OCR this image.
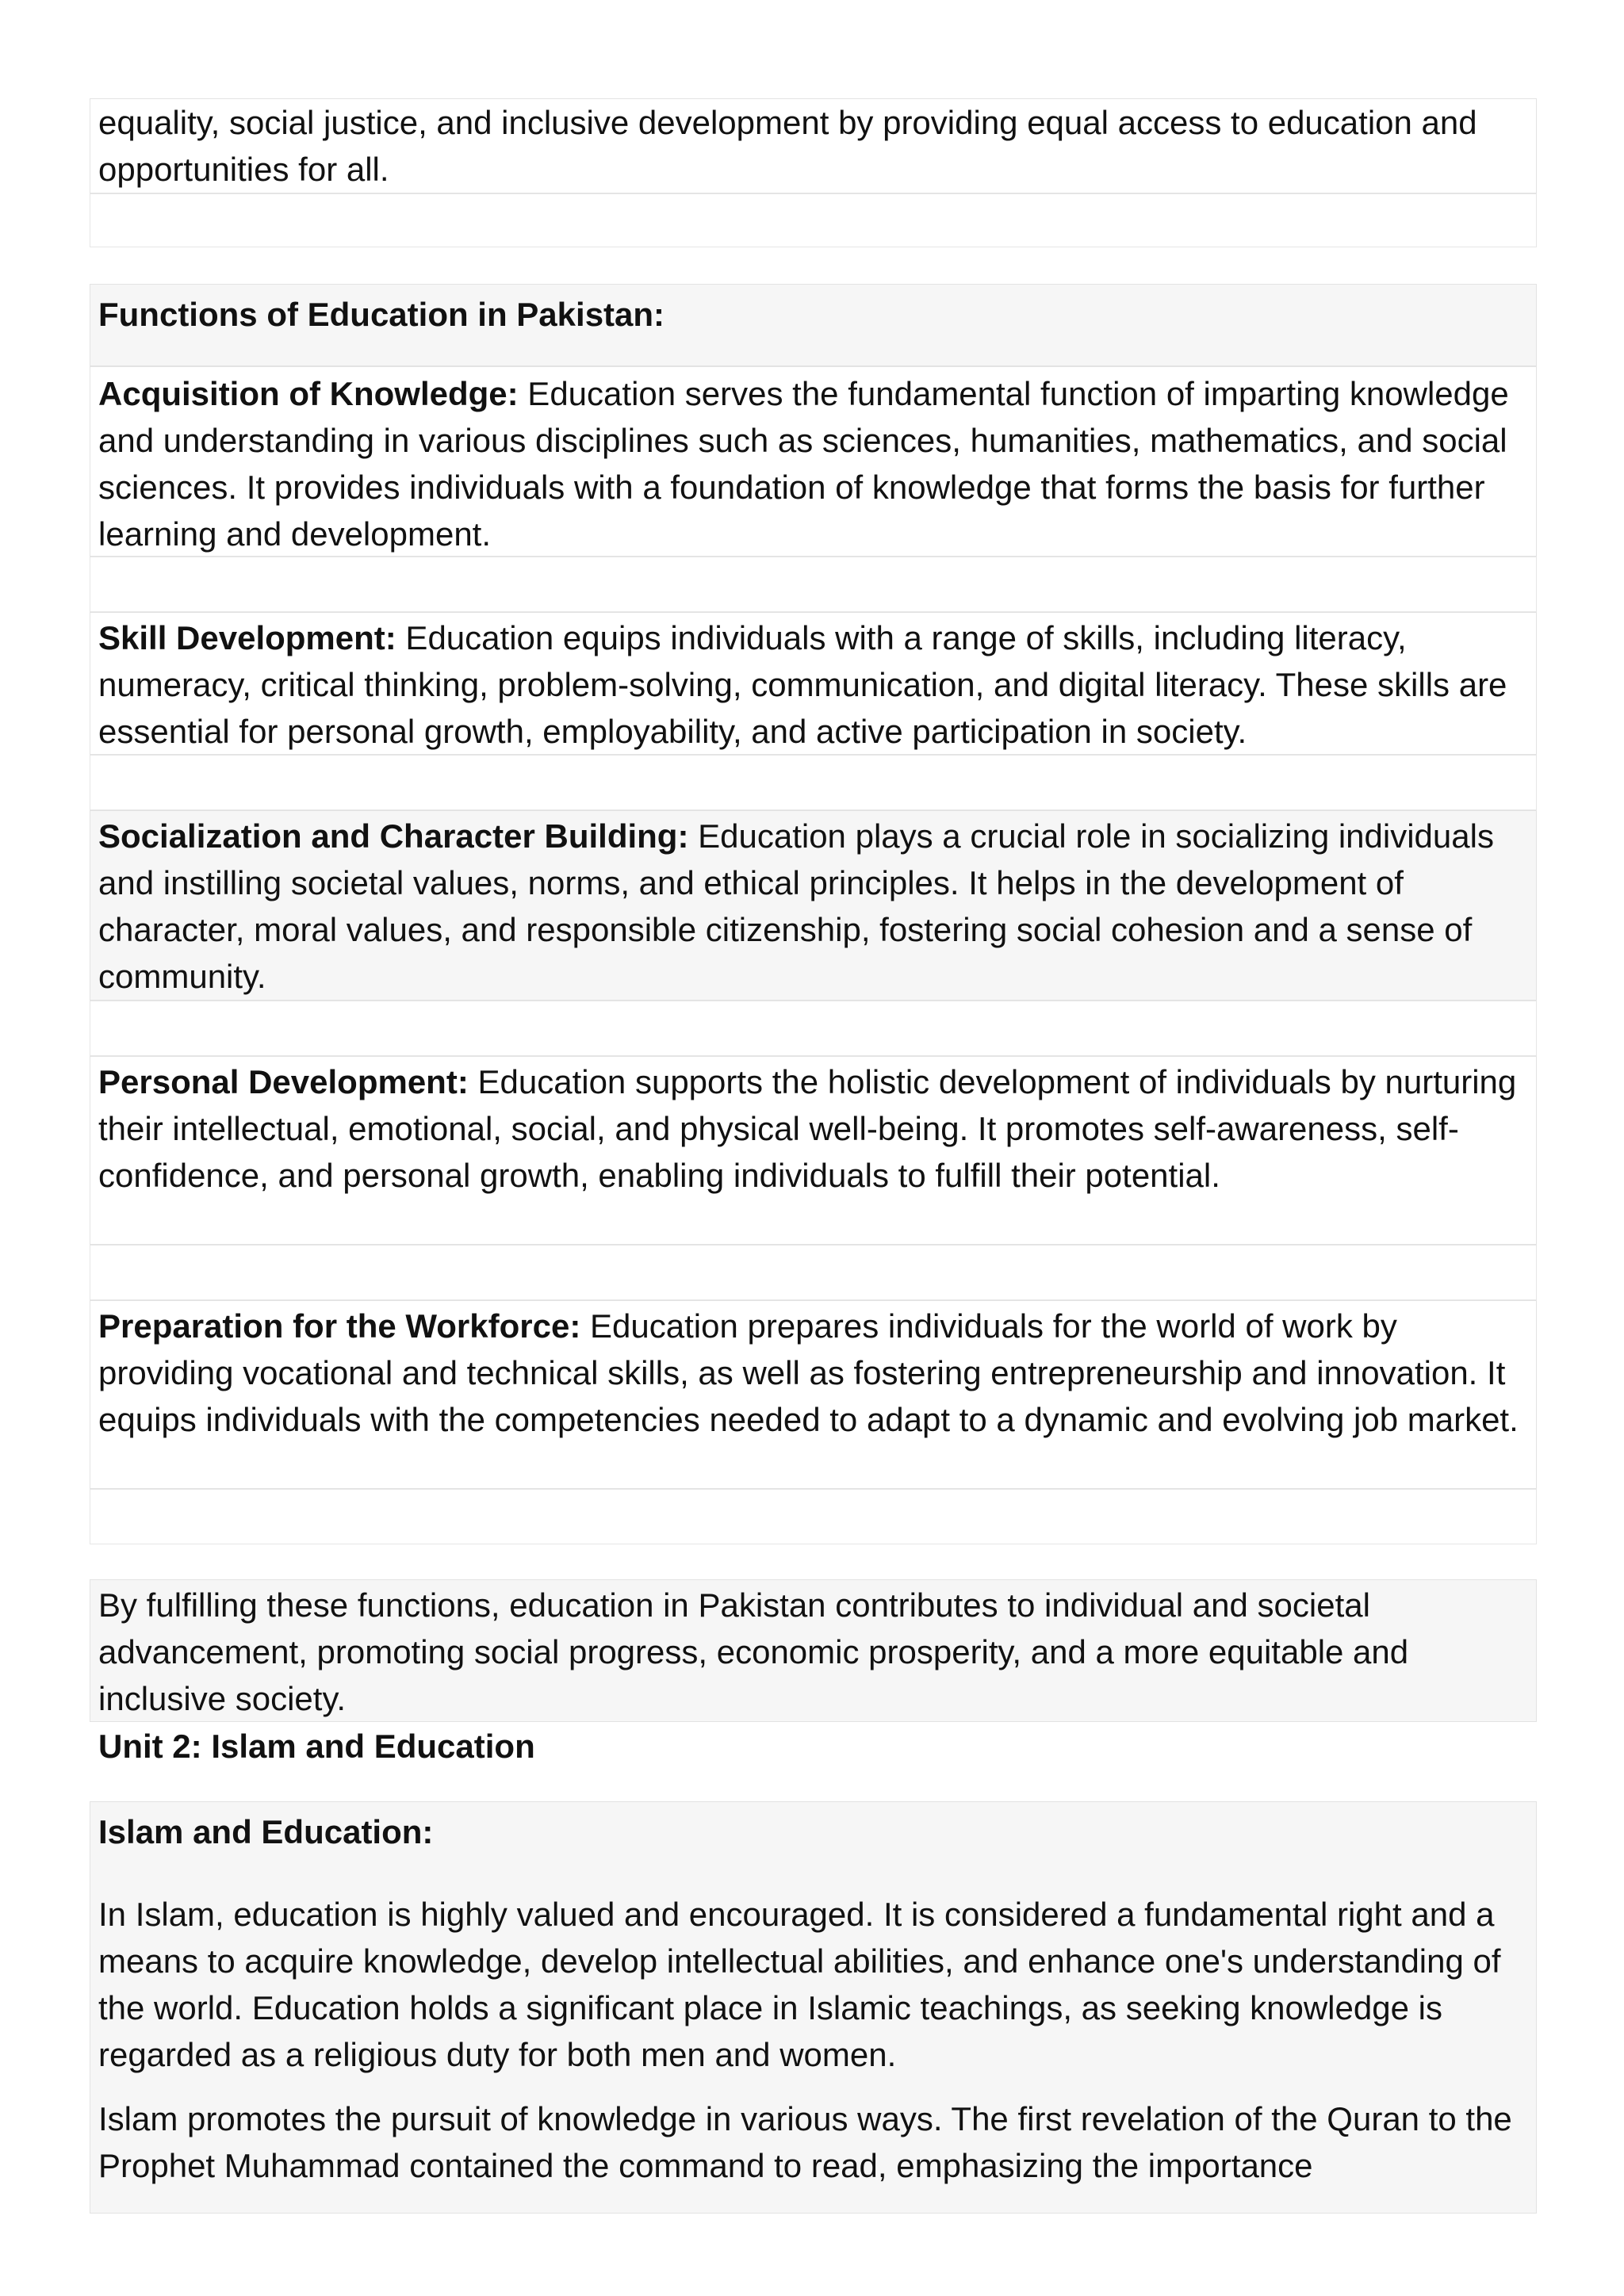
equality, social justice, and inclusive development by providing equal access to education and opportunities for all.

Functions of Education in Pakistan:

Acquisition of Knowledge: Education serves the fundamental function of imparting knowledge and understanding in various disciplines such as sciences, humanities, mathematics, and social sciences. It provides individuals with a foundation of knowledge that forms the basis for further learning and development.

Skill Development: Education equips individuals with a range of skills, including literacy, numeracy, critical thinking, problem-solving, communication, and digital literacy. These skills are essential for personal growth, employability, and active participation in society.

Socialization and Character Building: Education plays a crucial role in socializing individuals and instilling societal values, norms, and ethical principles. It helps in the development of character, moral values, and responsible citizenship, fostering social cohesion and a sense of community.

Personal Development: Education supports the holistic development of individuals by nurturing their intellectual, emotional, social, and physical well-being. It promotes self-awareness, self-confidence, and personal growth, enabling individuals to fulfill their potential.

Preparation for the Workforce: Education prepares individuals for the world of work by providing vocational and technical skills, as well as fostering entrepreneurship and innovation. It equips individuals with the competencies needed to adapt to a dynamic and evolving job market.

By fulfilling these functions, education in Pakistan contributes to individual and societal advancement, promoting social progress, economic prosperity, and a more equitable and inclusive society.

Unit 2: Islam and Education

Islam and Education:

In Islam, education is highly valued and encouraged. It is considered a fundamental right and a means to acquire knowledge, develop intellectual abilities, and enhance one's understanding of the world. Education holds a significant place in Islamic teachings, as seeking knowledge is regarded as a religious duty for both men and women.

Islam promotes the pursuit of knowledge in various ways. The first revelation of the Quran to the Prophet Muhammad contained the command to read, emphasizing the importance
